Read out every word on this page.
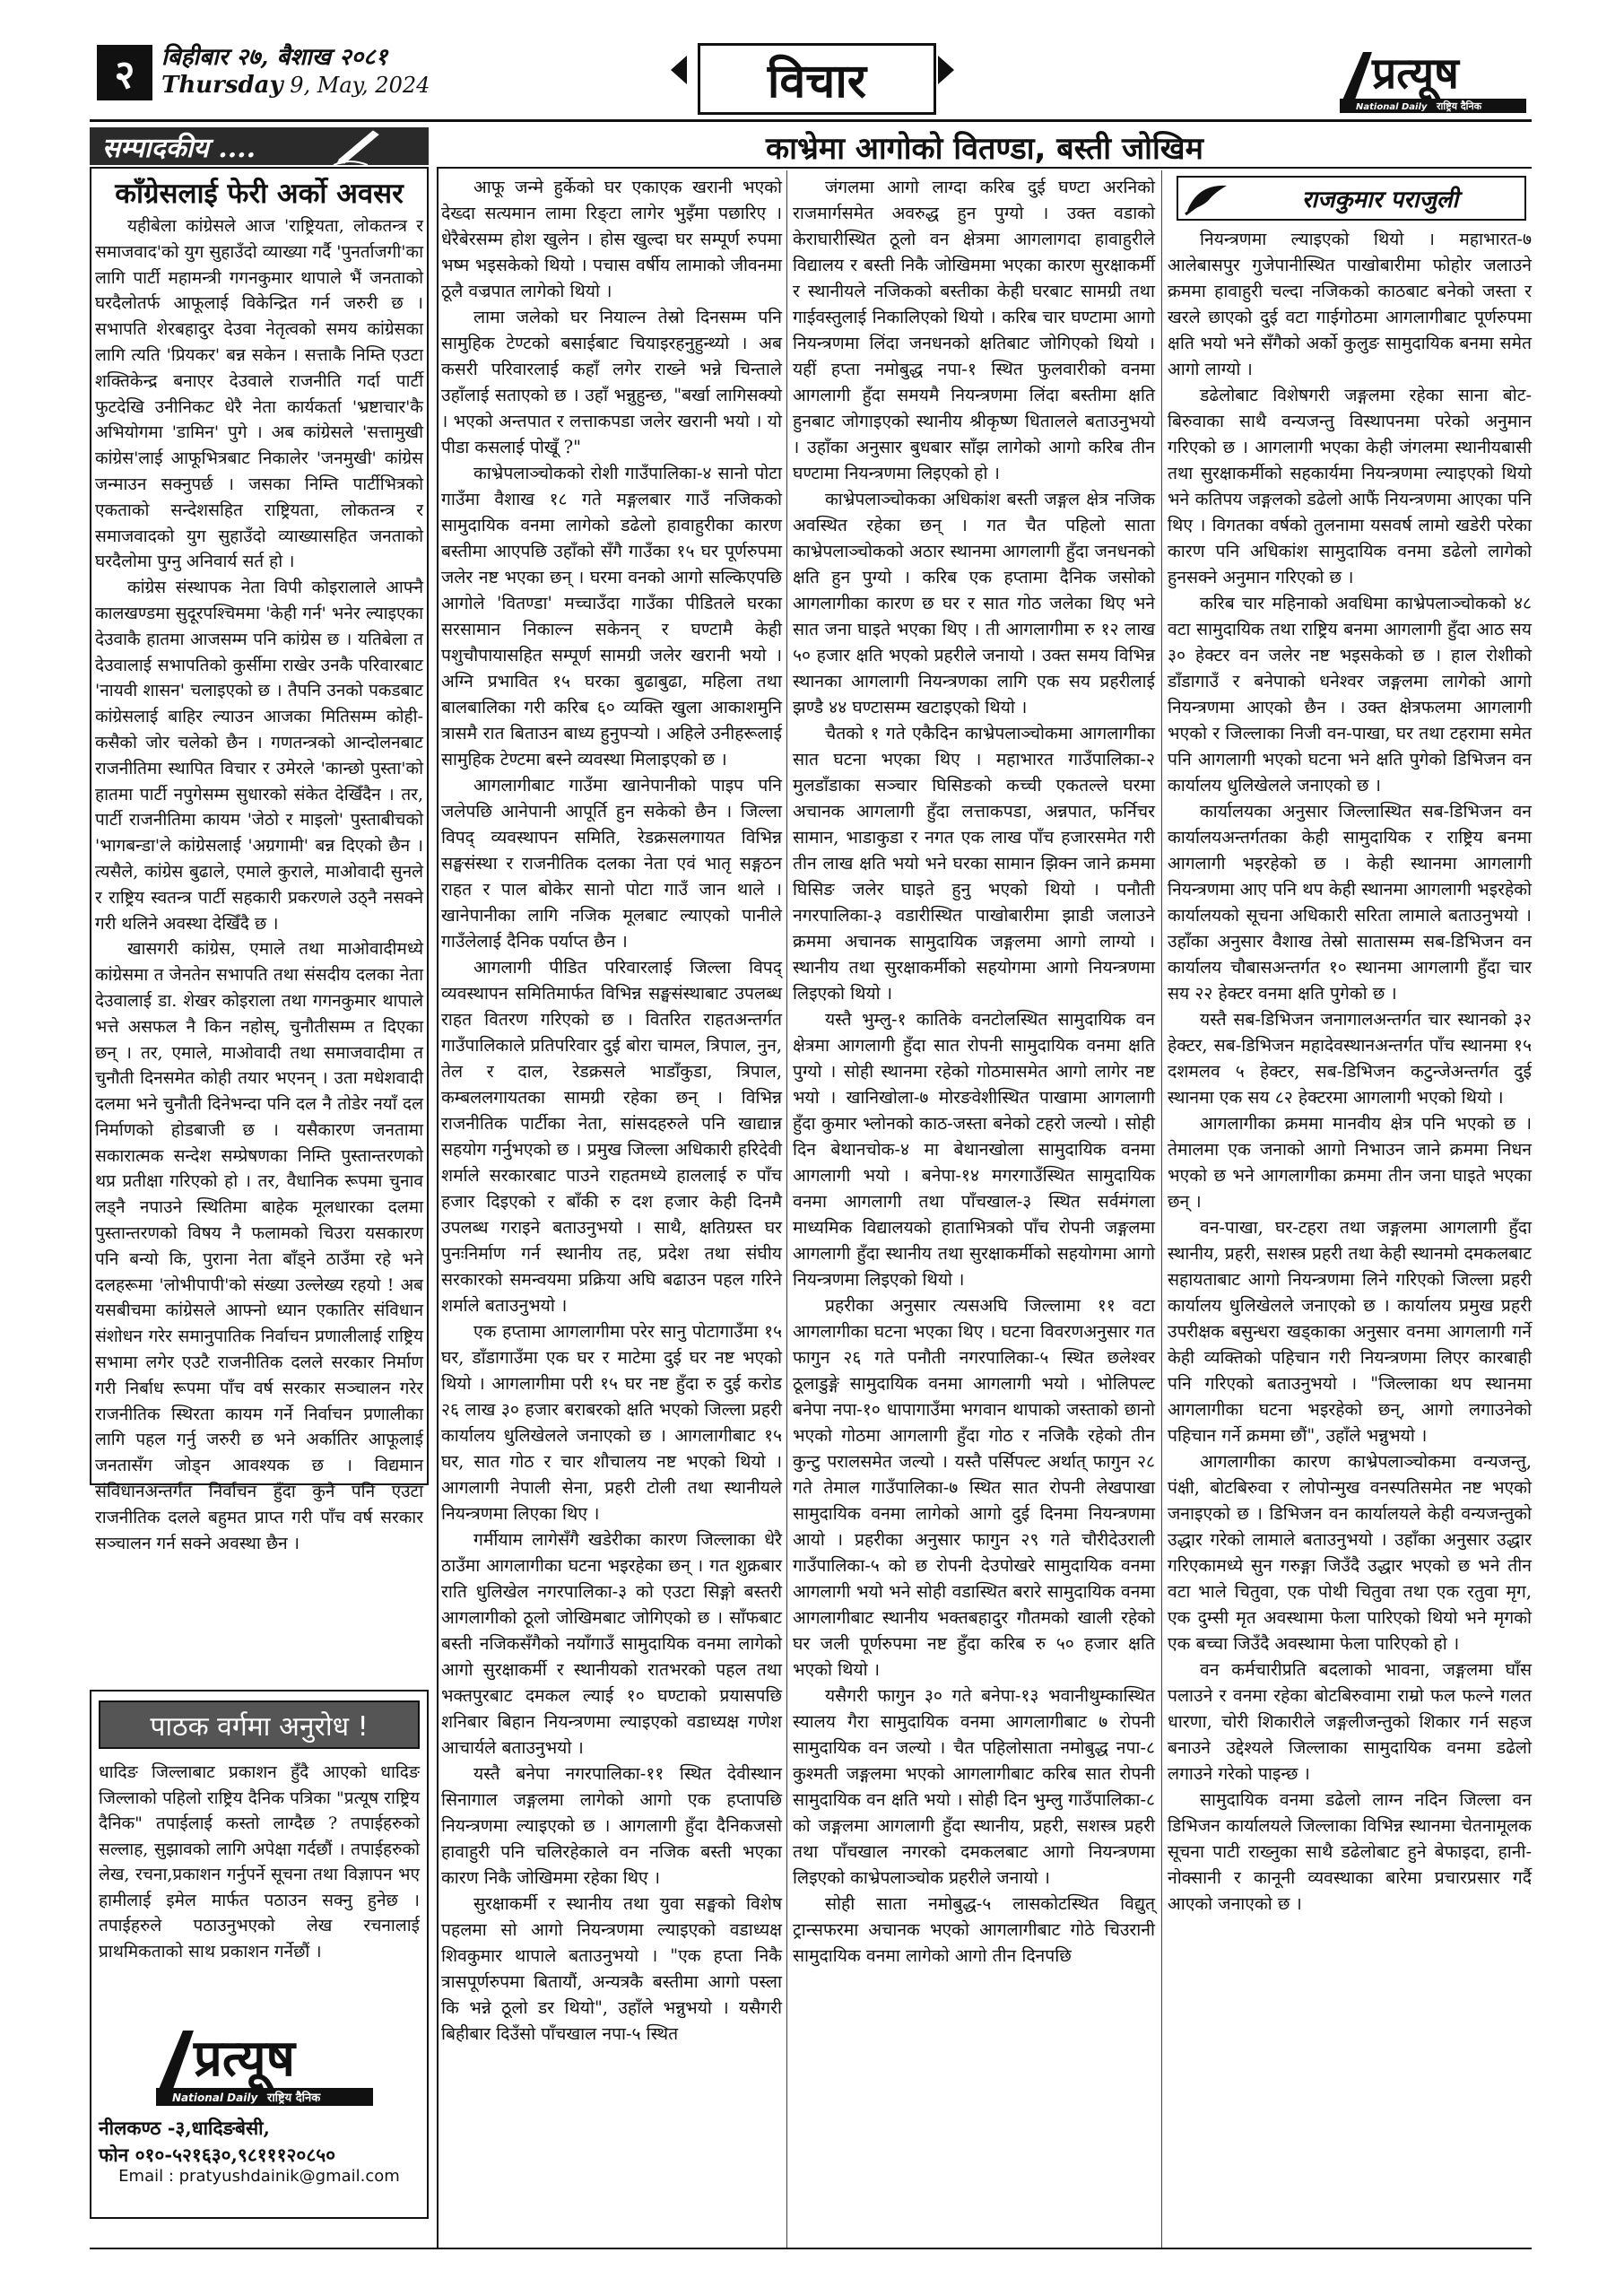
२	बिहीबार २७, बैशाख २०८१
Thursday 9, May, 2024	विचार	प्रत्यूष
National Daily राष्ट्रिय दैनिक
सम्पादकीय ....
काँग्रेसलाई फेरी अर्को अवसर

यहीबेला कांग्रेसले आज 'राष्ट्रियता, लोकतन्त्र र समाजवाद'को युग सुहाउँदो व्याख्या गर्दै 'पुनर्ताजगी'का लागि पार्टी महामन्त्री गगनकुमार थापाले भैं जनताको घरदैलोतर्फ आफूलाई विकेन्द्रित गर्न जरुरी छ । सभापति शेरबहादुर देउवा नेतृत्वको समय कांग्रेसका लागि त्यति 'प्रियकर' बन्न सकेन । सत्ताकै निम्ति एउटा शक्तिकेन्द्र बनाएर देउवाले राजनीति गर्दा पार्टी फुटदेखि उनीनिकट धेरै नेता कार्यकर्ता 'भ्रष्टाचार'कै अभियोगमा 'डामिन' पुगे । अब कांग्रेसले 'सत्तामुखी कांग्रेस'लाई आफूभित्रबाट निकालेर 'जनमुखी' कांग्रेस जन्माउन सक्नुपर्छ । जसका निम्ति पार्टीभित्रको एकताको सन्देशसहित राष्ट्रियता, लोकतन्त्र र समाजवादको युग सुहाउँदो व्याख्यासहित जनताको घरदैलोमा पुग्नु अनिवार्य सर्त हो ।

कांग्रेस संस्थापक नेता विपी कोइरालाले आफ्नै कालखण्डमा सुदूरपश्चिममा 'केही गर्न' भनेर ल्याइएका देउवाकै हातमा आजसम्म पनि कांग्रेस छ । यतिबेला त देउवालाई सभापतिको कुर्सीमा राखेर उनकै परिवारबाट 'नायवी शासन' चलाइएको छ । तैपनि उनको पकडबाट कांग्रेसलाई बाहिर ल्याउन आजका मितिसम्म कोही-कसैको जोर चलेको छैन । गणतन्त्रको आन्दोलनबाट राजनीतिमा स्थापित विचार र उमेरले 'कान्छो पुस्ता'को हातमा पार्टी नपुगेसम्म सुधारको संकेत देखिँदैन । तर, पार्टी राजनीतिमा कायम 'जेठो र माइलो' पुस्ताबीचको 'भागबन्डा'ले कांग्रेसलाई 'अग्रगामी' बन्न दिएको छैन । त्यसैले, कांग्रेस बुढाले, एमाले कुराले, माओवादी सुनले र राष्ट्रिय स्वतन्त्र पार्टी सहकारी प्रकरणले उठ्नै नसक्ने गरी थलिने अवस्था देखिँदै छ ।

खासगरी कांग्रेस, एमाले तथा माओवादीमध्ये कांग्रेसमा त जेनतेन सभापति तथा संसदीय दलका नेता देउवालाई डा. शेखर कोइराला तथा गगनकुमार थापाले भत्ते असफल नै किन नहोस्, चुनौतीसम्म त दिएका छन् । तर, एमाले, माओवादी तथा समाजवादीमा त चुनौती दिनसमेत कोही तयार भएनन् । उता मधेशवादी दलमा भने चुनौती दिनेभन्दा पनि दल नै तोडेर नयाँ दल निर्माणको होडबाजी छ । यसैकारण जनतामा सकारात्मक सन्देश सम्प्रेषणका निम्ति पुस्तान्तरणको थप्र प्रतीक्षा गरिएको हो । तर, वैधानिक रूपमा चुनाव लड्नै नपाउने स्थितिमा बाहेक मूलधारका दलमा पुस्तान्तरणको विषय नै फलामको चिउरा यसकारण पनि बन्यो कि, पुराना नेता बाँड्ने ठाउँमा रहे भने दलहरूमा 'लोभीपापी'को संख्या उल्लेख्य रहयो ! अब यसबीचमा कांग्रेसले आफ्नो ध्यान एकातिर संविधान संशोधन गरेर समानुपातिक निर्वाचन प्रणालीलाई राष्ट्रिय सभामा लगेर एउटै राजनीतिक दलले सरकार निर्माण गरी निर्बाध रूपमा पाँच वर्ष सरकार सञ्चालन गरेर राजनीतिक स्थिरता कायम गर्ने निर्वाचन प्रणालीका लागि पहल गर्नु जरुरी छ भने अर्कातिर आफूलाई जनतासँग जोड्न आवश्यक छ । विद्यमान संविधानअन्तर्गत निर्वाचन हुँदा कुनै पनि एउटा राजनीतिक दलले बहुमत प्राप्त गरी पाँच वर्ष सरकार सञ्चालन गर्न सक्ने अवस्था छैन ।

पाठक वर्गमा अनुरोध !

धादिङ जिल्लाबाट प्रकाशन हुँदै आएको धादिङ जिल्लाको पहिलो राष्ट्रिय दैनिक पत्रिका "प्रत्यूष राष्ट्रिय दैनिक" तपाईलाई कस्तो लाग्दैछ ? तपाईहरुको सल्लाह, सुझावको लागि अपेक्षा गर्दछौं । तपाईहरुको लेख, रचना,प्रकाशन गर्नुपर्ने सूचना तथा विज्ञापन भए हामीलाई इमेल मार्फत पठाउन सक्नु हुनेछ । तपाईहरुले पठाउनुभएको लेख रचनालाई प्राथमिकताको साथ प्रकाशन गर्नेछौं ।

प्रत्यूष
National Daily राष्ट्रिय दैनिक
नीलकण्ठ -३,धादिङबेसी,
फोन ०१०-५२१६३०,९८१११२०८५०
Email : pratyushdainik@gmail.com
काभ्रेमा आगोको वितण्डा, बस्ती जोखिम

आफू जन्मे हुर्केको घर एकाएक खरानी भएको देख्दा सत्यमान लामा रिङ्टा लागेर भुइँमा पछारिए । धेरैबेरसम्म होश खुलेन । होस खुल्दा घर सम्पूर्ण रुपमा भष्म भइसकेको थियो । पचास वर्षीय लामाको जीवनमा ठूलै वज्रपात लागेको थियो ।

लामा जलेको घर नियाल्न तेस्रो दिनसम्म पनि सामुहिक टेण्टको बसाईबाट चियाइरहनुहुन्थ्यो । अब कसरी परिवारलाई कहाँ लगेर राख्ने भन्ने चिन्ताले उहाँलाई सताएको छ । उहाँ भन्नुहुन्छ, "बर्खा लागिसक्यो । भएको अन्तपात र लत्ताकपडा जलेर खरानी भयो । यो पीडा कसलाई पोखूँ ?"

काभ्रेपलाञ्चोकको रोशी गाउँपालिका-४ सानो पोटा गाउँमा वैशाख १८ गते मङ्गलबार गाउँ नजिकको सामुदायिक वनमा लागेको डढेलो हावाहुरीका कारण बस्तीमा आएपछि उहाँको सँगै गाउँका १५ घर पूर्णरुपमा जलेर नष्ट भएका छन् । घरमा वनको आगो सल्किएपछि आगोले 'वितण्डा' मच्चाउँदा गाउँका पीडितले घरका सरसामान निकाल्न सकेनन् र घण्टामै केही पशुचौपायासहित सम्पूर्ण सामग्री जलेर खरानी भयो । अग्नि प्रभावित १५ घरका बुढाबुढा, महिला तथा बालबालिका गरी करिब ६० व्यक्ति खुला आकाशमुनि त्रासमै रात बिताउन बाध्य हुनुपऱ्यो । अहिले उनीहरूलाई सामुहिक टेण्टमा बस्ने व्यवस्था मिलाइएको छ ।

आगलागीबाट गाउँमा खानेपानीको पाइप पनि जलेपछि आनेपानी आपूर्ति हुन सकेको छैन । जिल्ला विपद् व्यवस्थापन समिति, रेडक्रसलगायत विभिन्न सङ्घसंस्था र राजनीतिक दलका नेता एवं भातृ सङ्गठन राहत र पाल बोकेर सानो पोटा गाउँ जान थाले । खानेपानीका लागि नजिक मूलबाट ल्याएको पानीले गाउँलेलाई दैनिक पर्याप्त छैन ।

आगलागी पीडित परिवारलाई जिल्ला विपद् व्यवस्थापन समितिमार्फत विभिन्न सङ्घसंस्थाबाट उपलब्ध राहत वितरण गरिएको छ । वितरित राहतअन्तर्गत गाउँपालिकाले प्रतिपरिवार दुई बोरा चामल, त्रिपाल, नुन, तेल र दाल, रेडक्रसले भाडाँकुडा, त्रिपाल, कम्बललगायतका सामग्री रहेका छन् । विभिन्न राजनीतिक पार्टीका नेता, सांसदहरुले पनि खाद्यान्न सहयोग गर्नुभएको छ । प्रमुख जिल्ला अधिकारी हरिदेवी शर्माले सरकारबाट पाउने राहतमध्ये हाललाई रु पाँच हजार दिइएको र बाँकी रु दश हजार केही दिनमै उपलब्ध गराइने बताउनुभयो । साथै, क्षतिग्रस्त घर पुनःनिर्माण गर्न स्थानीय तह, प्रदेश तथा संघीय सरकारको समन्वयमा प्रक्रिया अघि बढाउन पहल गरिने शर्माले बताउनुभयो ।

एक हप्तामा आगलागीमा परेर सानु पोटागाउँमा १५ घर, डाँडागाउँमा एक घर र माटेमा दुई घर नष्ट भएको थियो । आगलागीमा परी १५ घर नष्ट हुँदा रु दुई करोड २६ लाख ३० हजार बराबरको क्षति भएको जिल्ला प्रहरी कार्यालय धुलिखेलले जनाएको छ । आगलागीबाट १५ घर, सात गोठ र चार शौचालय नष्ट भएको थियो । आगलागी नेपाली सेना, प्रहरी टोली तथा स्थानीयले नियन्त्रणमा लिएका थिए ।

गर्मीयाम लागेसँगै खडेरीका कारण जिल्लाका धेरै ठाउँमा आगलागीका घटना भइरहेका छन् । गत शुक्रबार राति धुलिखेल नगरपालिका-३ को एउटा सिङ्गो बस्तरी आगलागीको ठूलो जोखिमबाट जोगिएको छ । साँफबाट बस्ती नजिकसँगैको नयाँगाउँ सामुदायिक वनमा लागेको आगो सुरक्षाकर्मी र स्थानीयको रातभरको पहल तथा भक्तपुरबाट दमकल ल्याई १० घण्टाको प्रयासपछि शनिबार बिहान नियन्त्रणमा ल्याइएको वडाध्यक्ष गणेश आचार्यले बताउनुभयो ।

यस्तै बनेपा नगरपालिका-११ स्थित देवीस्थान सिनागाल जङ्गलमा लागेको आगो एक हप्तापछि नियन्त्रणमा ल्याइएको छ । आगलागी हुँदा दैनिकजसो हावाहुरी पनि चलिरहेकाले वन नजिक बस्ती भएका कारण निकै जोखिममा रहेका थिए ।

सुरक्षाकर्मी र स्थानीय तथा युवा सङ्घको विशेष पहलमा सो आगो नियन्त्रणमा ल्याइएको वडाध्यक्ष शिवकुमार थापाले बताउनुभयो । "एक हप्ता निकै त्रासपूर्णरुपमा बितायौं, अन्यत्रकै बस्तीमा आगो पस्ला कि भन्ने ठूलो डर थियो", उहाँले भन्नुभयो । यसैगरी बिहीबार दिउँसो पाँचखाल नपा-५ स्थित

जंगलमा आगो लाग्दा करिब दुई घण्टा अरनिको राजमार्गसमेत अवरुद्ध हुन पुग्यो । उक्त वडाको केराघारीस्थित ठूलो वन क्षेत्रमा आगलागदा हावाहुरीले विद्यालय र बस्ती निकै जोखिममा भएका कारण सुरक्षाकर्मी र स्थानीयले नजिकको बस्तीका केही घरबाट सामग्री तथा गाईवस्तुलाई निकालिएको थियो । करिब चार घण्टामा आगो नियन्त्रणमा लिंदा जनधनको क्षतिबाट जोगिएको थियो । यहीं हप्ता नमोबुद्ध नपा-१ स्थित फुलवारीको वनमा आगलागी हुँदा समयमै नियन्त्रणमा लिंदा बस्तीमा क्षति हुनबाट जोगाइएको स्थानीय श्रीकृष्ण धितालले बताउनुभयो । उहाँका अनुसार बुधबार साँझ लागेको आगो करिब तीन घण्टामा नियन्त्रणमा लिइएको हो ।

काभ्रेपलाञ्चोकका अधिकांश बस्ती जङ्गल क्षेत्र नजिक अवस्थित रहेका छन् । गत चैत पहिलो साता काभ्रेपलाञ्चोकको अठार स्थानमा आगलागी हुँदा जनधनको क्षति हुन पुग्यो । करिब एक हप्तामा दैनिक जसोको आगलागीका कारण छ घर र सात गोठ जलेका थिए भने सात जना घाइते भएका थिए । ती आगलागीमा रु १२ लाख ५० हजार क्षति भएको प्रहरीले जनायो । उक्त समय विभिन्न स्थानका आगलागी नियन्त्रणका लागि एक सय प्रहरीलाई झण्डै ४४ घण्टासम्म खटाइएको थियो ।

चैतको १ गते एकैदिन काभ्रेपलाञ्चोकमा आगलागीका सात घटना भएका थिए । महाभारत गाउँपालिका-२ मुलडाँडाका सञ्चार घिसिङको कच्ची एकतल्ले घरमा अचानक आगलागी हुँदा लत्ताकपडा, अन्नपात, फर्निचर सामान, भाडाकुडा र नगत एक लाख पाँच हजारसमेत गरी तीन लाख क्षति भयो भने घरका सामान झिक्न जाने क्रममा घिसिङ जलेर घाइते हुनु भएको थियो । पनौती नगरपालिका-३ वडारीस्थित पाखोबारीमा झाडी जलाउने क्रममा अचानक सामुदायिक जङ्गलमा आगो लाग्यो । स्थानीय तथा सुरक्षाकर्मीको सहयोगमा आगो नियन्त्रणमा लिइएको थियो ।

यस्तै भुम्लु-१ कातिके वनटोलस्थित सामुदायिक वन क्षेत्रमा आगलागी हुँदा सात रोपनी सामुदायिक वनमा क्षति पुग्यो । सोही स्थानमा रहेको गोठमासमेत आगो लागेर नष्ट भयो । खानिखोला-७ मोरङवेशीस्थित पाखामा आगलागी हुँदा कुमार भ्लोनको काठ-जस्ता बनेको टहरो जल्यो । सोही दिन बेथानचोक-४ मा बेथानखोला सामुदायिक वनमा आगलागी भयो । बनेपा-१४ मगरगाउँस्थित सामुदायिक वनमा आगलागी तथा पाँचखाल-३ स्थित सर्वमंगला माध्यमिक विद्यालयको हाताभित्रको पाँच रोपनी जङ्गलमा आगलागी हुँदा स्थानीय तथा सुरक्षाकर्मीको सहयोगमा आगो नियन्त्रणमा लिइएको थियो ।

प्रहरीका अनुसार त्यसअघि जिल्लामा ११ वटा आगलागीका घटना भएका थिए । घटना विवरणअनुसार गत फागुन २६ गते पनौती नगरपालिका-५ स्थित छलेश्वर ठूलाडुङ्गे सामुदायिक वनमा आगलागी भयो । भोलिपल्ट बनेपा नपा-१० धापागाउँमा भगवान थापाको जस्ताको छानो भएको गोठमा आगलागी हुँदा गोठ र नजिकै रहेको तीन कुन्टु परालसमेत जल्यो । यस्तै पर्सिपल्ट अर्थात् फागुन २८ गते तेमाल गाउँपालिका-७ स्थित सात रोपनी लेखपाखा सामुदायिक वनमा लागेको आगो दुई दिनमा नियन्त्रणमा आयो । प्रहरीका अनुसार फागुन २९ गते चौरीदेउराली गाउँपालिका-५ को छ रोपनी देउपोखरे सामुदायिक वनमा आगलागी भयो भने सोही वडास्थित बरारे सामुदायिक वनमा आगलागीबाट स्थानीय भक्तबहादुर गौतमको खाली रहेको घर जली पूर्णरुपमा नष्ट हुँदा करिब रु ५० हजार क्षति भएको थियो ।

यसैगरी फागुन ३० गते बनेपा-१३ भवानीथुम्कास्थित स्यालय गैरा सामुदायिक वनमा आगलागीबाट ७ रोपनी सामुदायिक वन जल्यो । चैत पहिलोसाता नमोबुद्ध नपा-८ कुश्मती जङ्गलमा भएको आगलागीबाट करिब सात रोपनी सामुदायिक वन क्षति भयो । सोही दिन भुम्लु गाउँपालिका-८ को जङ्गलमा आगलागी हुँदा स्थानीय, प्रहरी, सशस्त्र प्रहरी तथा पाँचखाल नगरको दमकलबाट आगो नियन्त्रणमा लिइएको काभ्रेपलाञ्चोक प्रहरीले जनायो ।

सोही साता नमोबुद्ध-५ लासकोटस्थित विद्युत् ट्रान्सफरमा अचानक भएको आगलागीबाट गोठे चिउरानी सामुदायिक वनमा लागेको आगो तीन दिनपछि

राजकुमार पराजुली

नियन्त्रणमा ल्याइएको थियो । महाभारत-७ आलेबासपुर गुजेपानीस्थित पाखोबारीमा फोहोर जलाउने क्रममा हावाहुरी चल्दा नजिकको काठबाट बनेको जस्ता र खरले छाएको दुई वटा गाईगोठमा आगलागीबाट पूर्णरुपमा क्षति भयो भने सँगैको अर्को कुलुङ सामुदायिक बनमा समेत आगो लाग्यो ।

डढेलोबाट विशेषगरी जङ्गलमा रहेका साना बोट-बिरुवाका साथै वन्यजन्तु विस्थापनमा परेको अनुमान गरिएको छ । आगलागी भएका केही जंगलमा स्थानीयबासी तथा सुरक्षाकर्मीको सहकार्यमा नियन्त्रणमा ल्याइएको थियो भने कतिपय जङ्गलको डढेलो आफैं नियन्त्रणमा आएका पनि थिए । विगतका वर्षको तुलनामा यसवर्ष लामो खडेरी परेका कारण पनि अधिकांश सामुदायिक वनमा डढेलो लागेको हुनसक्ने अनुमान गरिएको छ ।

करिब चार महिनाको अवधिमा काभ्रेपलाञ्चोकको ४८ वटा सामुदायिक तथा राष्ट्रिय बनमा आगलागी हुँदा आठ सय ३० हेक्टर वन जलेर नष्ट भइसकेको छ । हाल रोशीको डाँडागाउँ र बनेपाको धनेश्वर जङ्गलमा लागेको आगो नियन्त्रणमा आएको छैन । उक्त क्षेत्रफलमा आगलागी भएको र जिल्लाका निजी वन-पाखा, घर तथा टहरामा समेत पनि आगलागी भएको घटना भने क्षति पुगेको डिभिजन वन कार्यालय धुलिखेलले जनाएको छ ।

कार्यालयका अनुसार जिल्लास्थित सब-डिभिजन वन कार्यालयअन्तर्गतका केही सामुदायिक र राष्ट्रिय बनमा आगलागी भइरहेको छ । केही स्थानमा आगलागी नियन्त्रणमा आए पनि थप केही स्थानमा आगलागी भइरहेको कार्यालयको सूचना अधिकारी सरिता लामाले बताउनुभयो । उहाँका अनुसार वैशाख तेस्रो सातासम्म सब-डिभिजन वन कार्यालय चौबासअन्तर्गत १० स्थानमा आगलागी हुँदा चार सय २२ हेक्टर वनमा क्षति पुगेको छ ।

यस्तै सब-डिभिजन जनागालअन्तर्गत चार स्थानको ३२ हेक्टर, सब-डिभिजन महादेवस्थानअन्तर्गत पाँच स्थानमा १५ दशमलव ५ हेक्टर, सब-डिभिजन कटुन्जेअन्तर्गत दुई स्थानमा एक सय ८२ हेक्टरमा आगलागी भएको थियो ।

आगलागीका क्रममा मानवीय क्षेत्र पनि भएको छ । तेमालमा एक जनाको आगो निभाउन जाने क्रममा निधन भएको छ भने आगलागीका क्रममा तीन जना घाइते भएका छन् ।

वन-पाखा, घर-टहरा तथा जङ्गलमा आगलागी हुँदा स्थानीय, प्रहरी, सशस्त्र प्रहरी तथा केही स्थानमो दमकलबाट सहायताबाट आगो नियन्त्रणमा लिने गरिएको जिल्ला प्रहरी कार्यालय धुलिखेलले जनाएको छ । कार्यालय प्रमुख प्रहरी उपरीक्षक बसुन्धरा खड्काका अनुसार वनमा आगलागी गर्ने केही व्यक्तिको पहिचान गरी नियन्त्रणमा लिएर कारबाही पनि गरिएको बताउनुभयो । "जिल्लाका थप स्थानमा आगलागीका घटना भइरहेको छन्, आगो लगाउनेको पहिचान गर्ने क्रममा छौं", उहाँले भन्नुभयो ।

आगलागीका कारण काभ्रेपलाञ्चोकमा वन्यजन्तु, पंक्षी, बोटबिरुवा र लोपोन्मुख वनस्पतिसमेत नष्ट भएको जनाइएको छ । डिभिजन वन कार्यालयले केही वन्यजन्तुको उद्धार गरेको लामाले बताउनुभयो । उहाँका अनुसार उद्धार गरिएकामध्ये सुन गरुङ्गा जिउँदै उद्धार भएको छ भने तीन वटा भाले चितुवा, एक पोथी चितुवा तथा एक रतुवा मृग, एक दुम्सी मृत अवस्थामा फेला पारिएको थियो भने मृगको एक बच्चा जिउँदै अवस्थामा फेला पारिएको हो ।

वन कर्मचारीप्रति बदलाको भावना, जङ्गलमा घाँस पलाउने र वनमा रहेका बोटबिरुवामा राम्रो फल फल्ने गलत धारणा, चोरी शिकारीले जङ्गलीजन्तुको शिकार गर्न सहज बनाउने उद्देश्यले जिल्लाका सामुदायिक वनमा डढेलो लगाउने गरेको पाइन्छ ।

सामुदायिक वनमा डढेलो लाग्न नदिन जिल्ला वन डिभिजन कार्यालयले जिल्लाका विभिन्न स्थानमा चेतनामूलक सूचना पाटी राख्नुका साथै डढेलोबाट हुने बेफाइदा, हानी-नोक्सानी र कानूनी व्यवस्थाका बारेमा प्रचारप्रसार गर्दै आएको जनाएको छ ।
